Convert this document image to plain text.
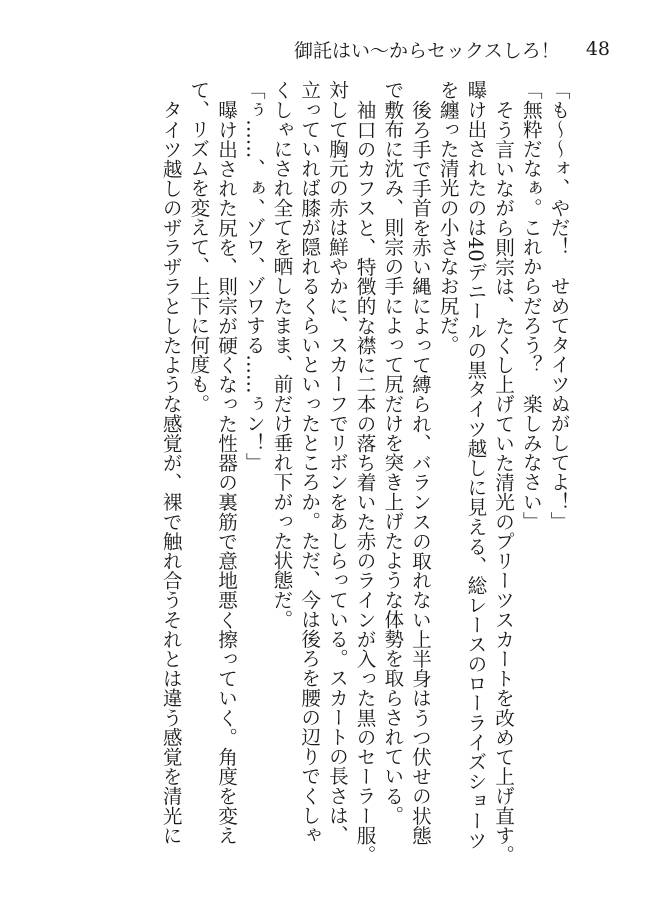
御託はい〜からセックスしろ！ 48
「も〜〜ォ、やだ！　せめてタイツぬがしてよ！」
「無粋だなぁ。これからだろう？　楽しみなさい」
そう言いながら則宗は、たくし上げていた清光のプリーツスカートを改めて上げ直す。
曝け出されたのは40デニールの黒タイツ越しに見える、総レースのローライズショーツ
を纏った清光の小さなお尻だ。
後ろ手で手首を赤い縄によって縛られ、バランスの取れない上半身はうつ伏せの状態
で敷布に沈み、則宗の手によって尻だけを突き上げたような体勢を取らされている。
袖口のカフスと、特徴的な襟に二本の落ち着いた赤のラインが入った黒のセーラー服。
対して胸元の赤は鮮やかに、スカーフでリボンをあしらっている。スカートの長さは、
立っていれば膝が隠れるくらいといったところか。ただ、今は後ろを腰の辺りでくしゃ
くしゃにされ全てを晒したまま、前だけ垂れ下がった状態だ。
「ぅ……、ぁ、ゾワ、ゾワする……ぅン！」
曝け出された尻を、則宗が硬くなった性器の裏筋で意地悪く擦っていく。角度を変え
て、リズムを変えて、上下に何度も。
タイツ越しのザラザラとしたような感覚が、裸で触れ合うそれとは違う感覚を清光に
